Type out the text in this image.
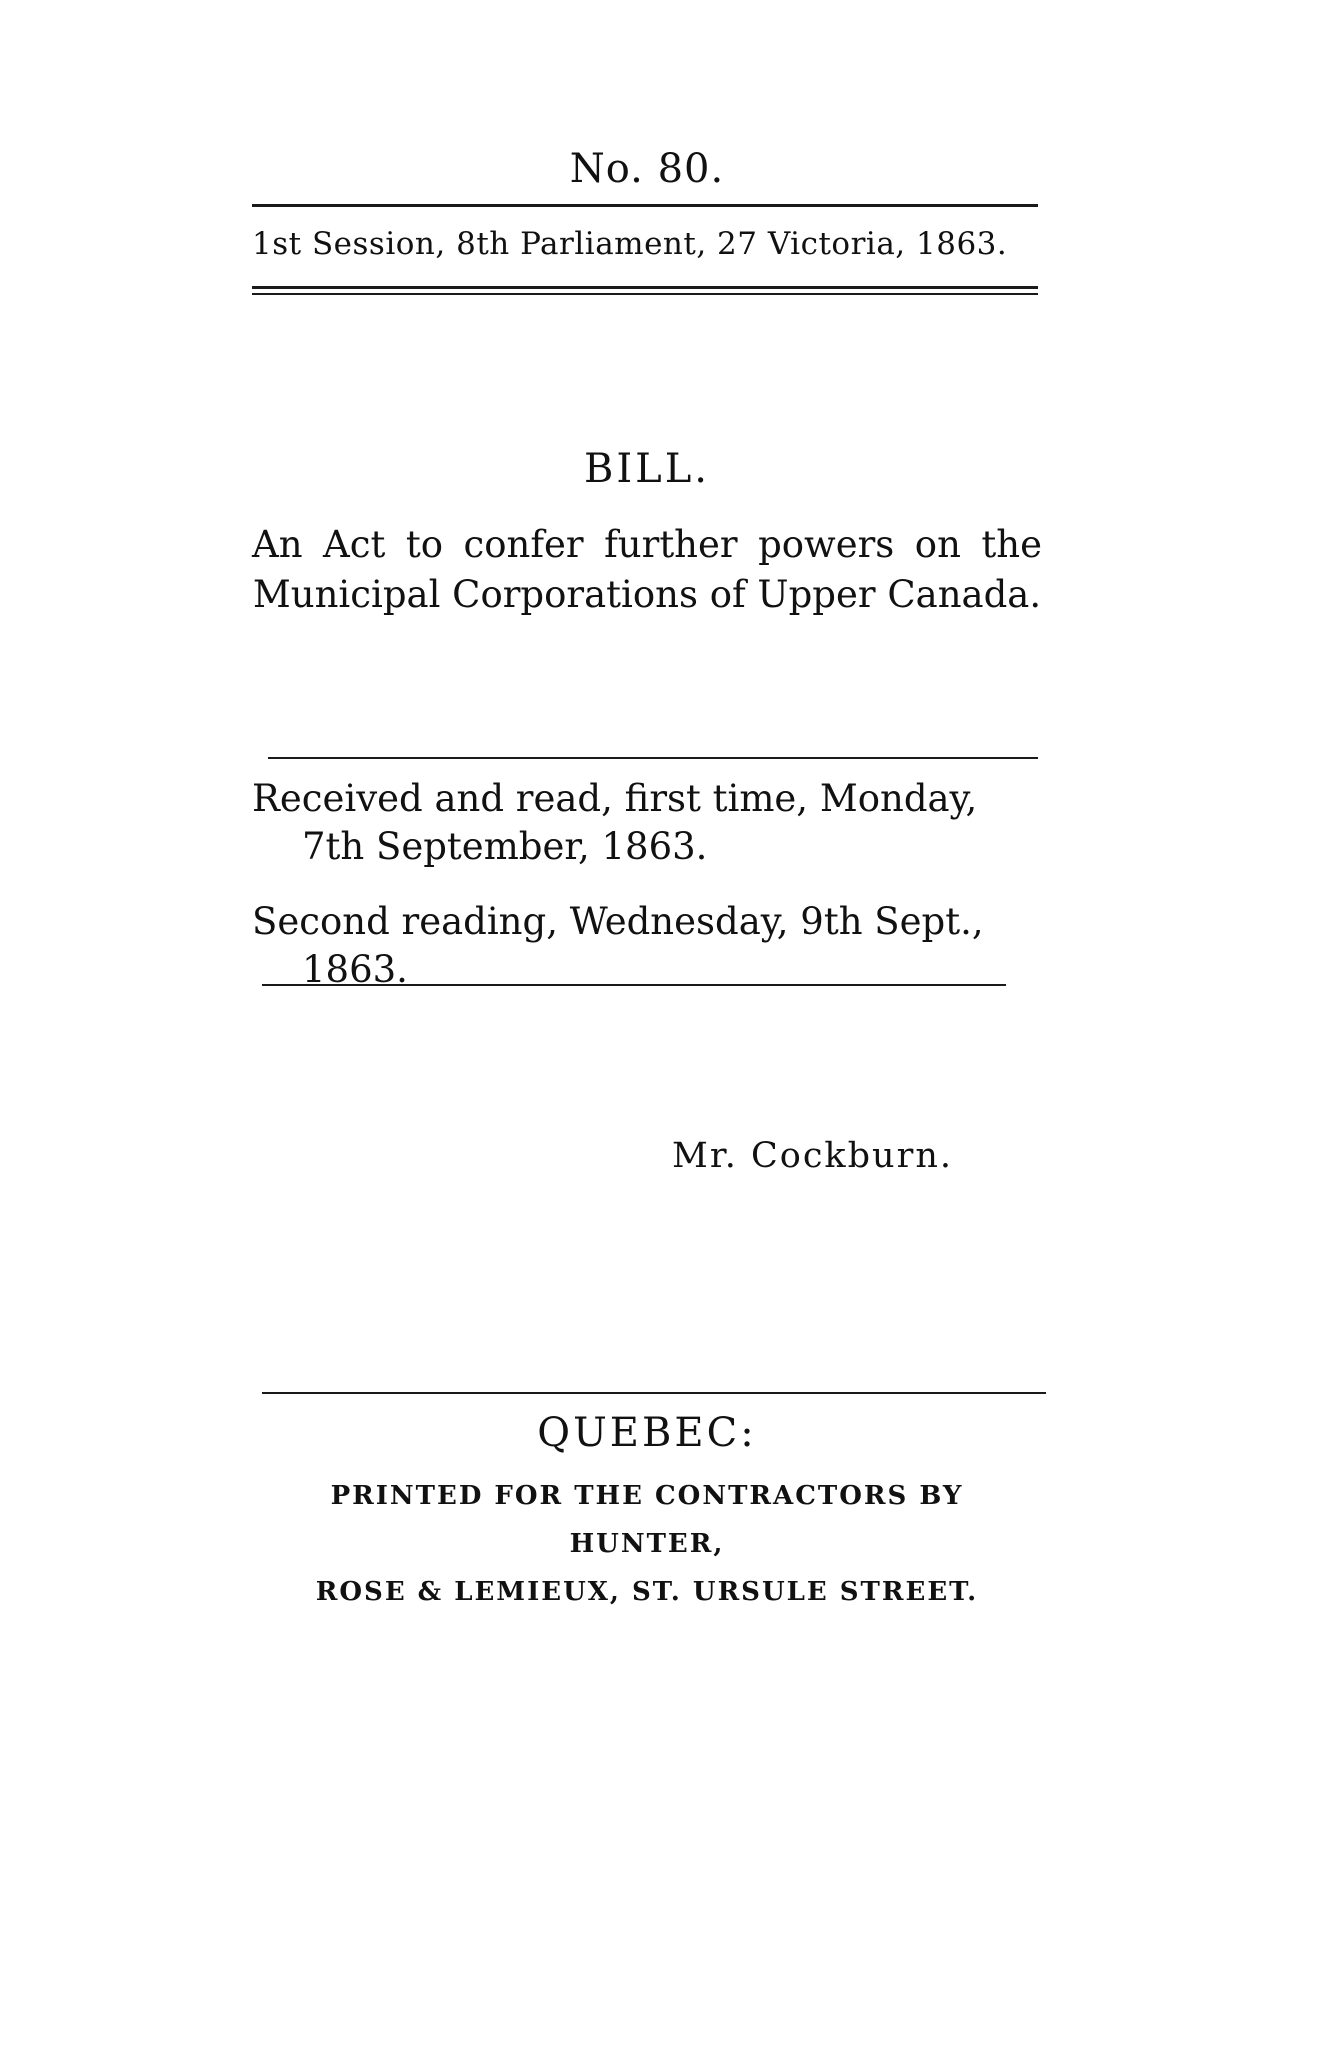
No. 80.
1st Session, 8th Parliament, 27 Victoria, 1863.
BILL.
An Act to confer further powers on the Municipal Corporations of Upper Canada.
Received and read, first time, Monday,
7th September, 1863.
Second reading, Wednesday, 9th Sept.,
1863.
Mr. Cockburn.
QUEBEC:
PRINTED FOR THE CONTRACTORS BY HUNTER,
ROSE & LEMIEUX, ST. URSULE STREET.
